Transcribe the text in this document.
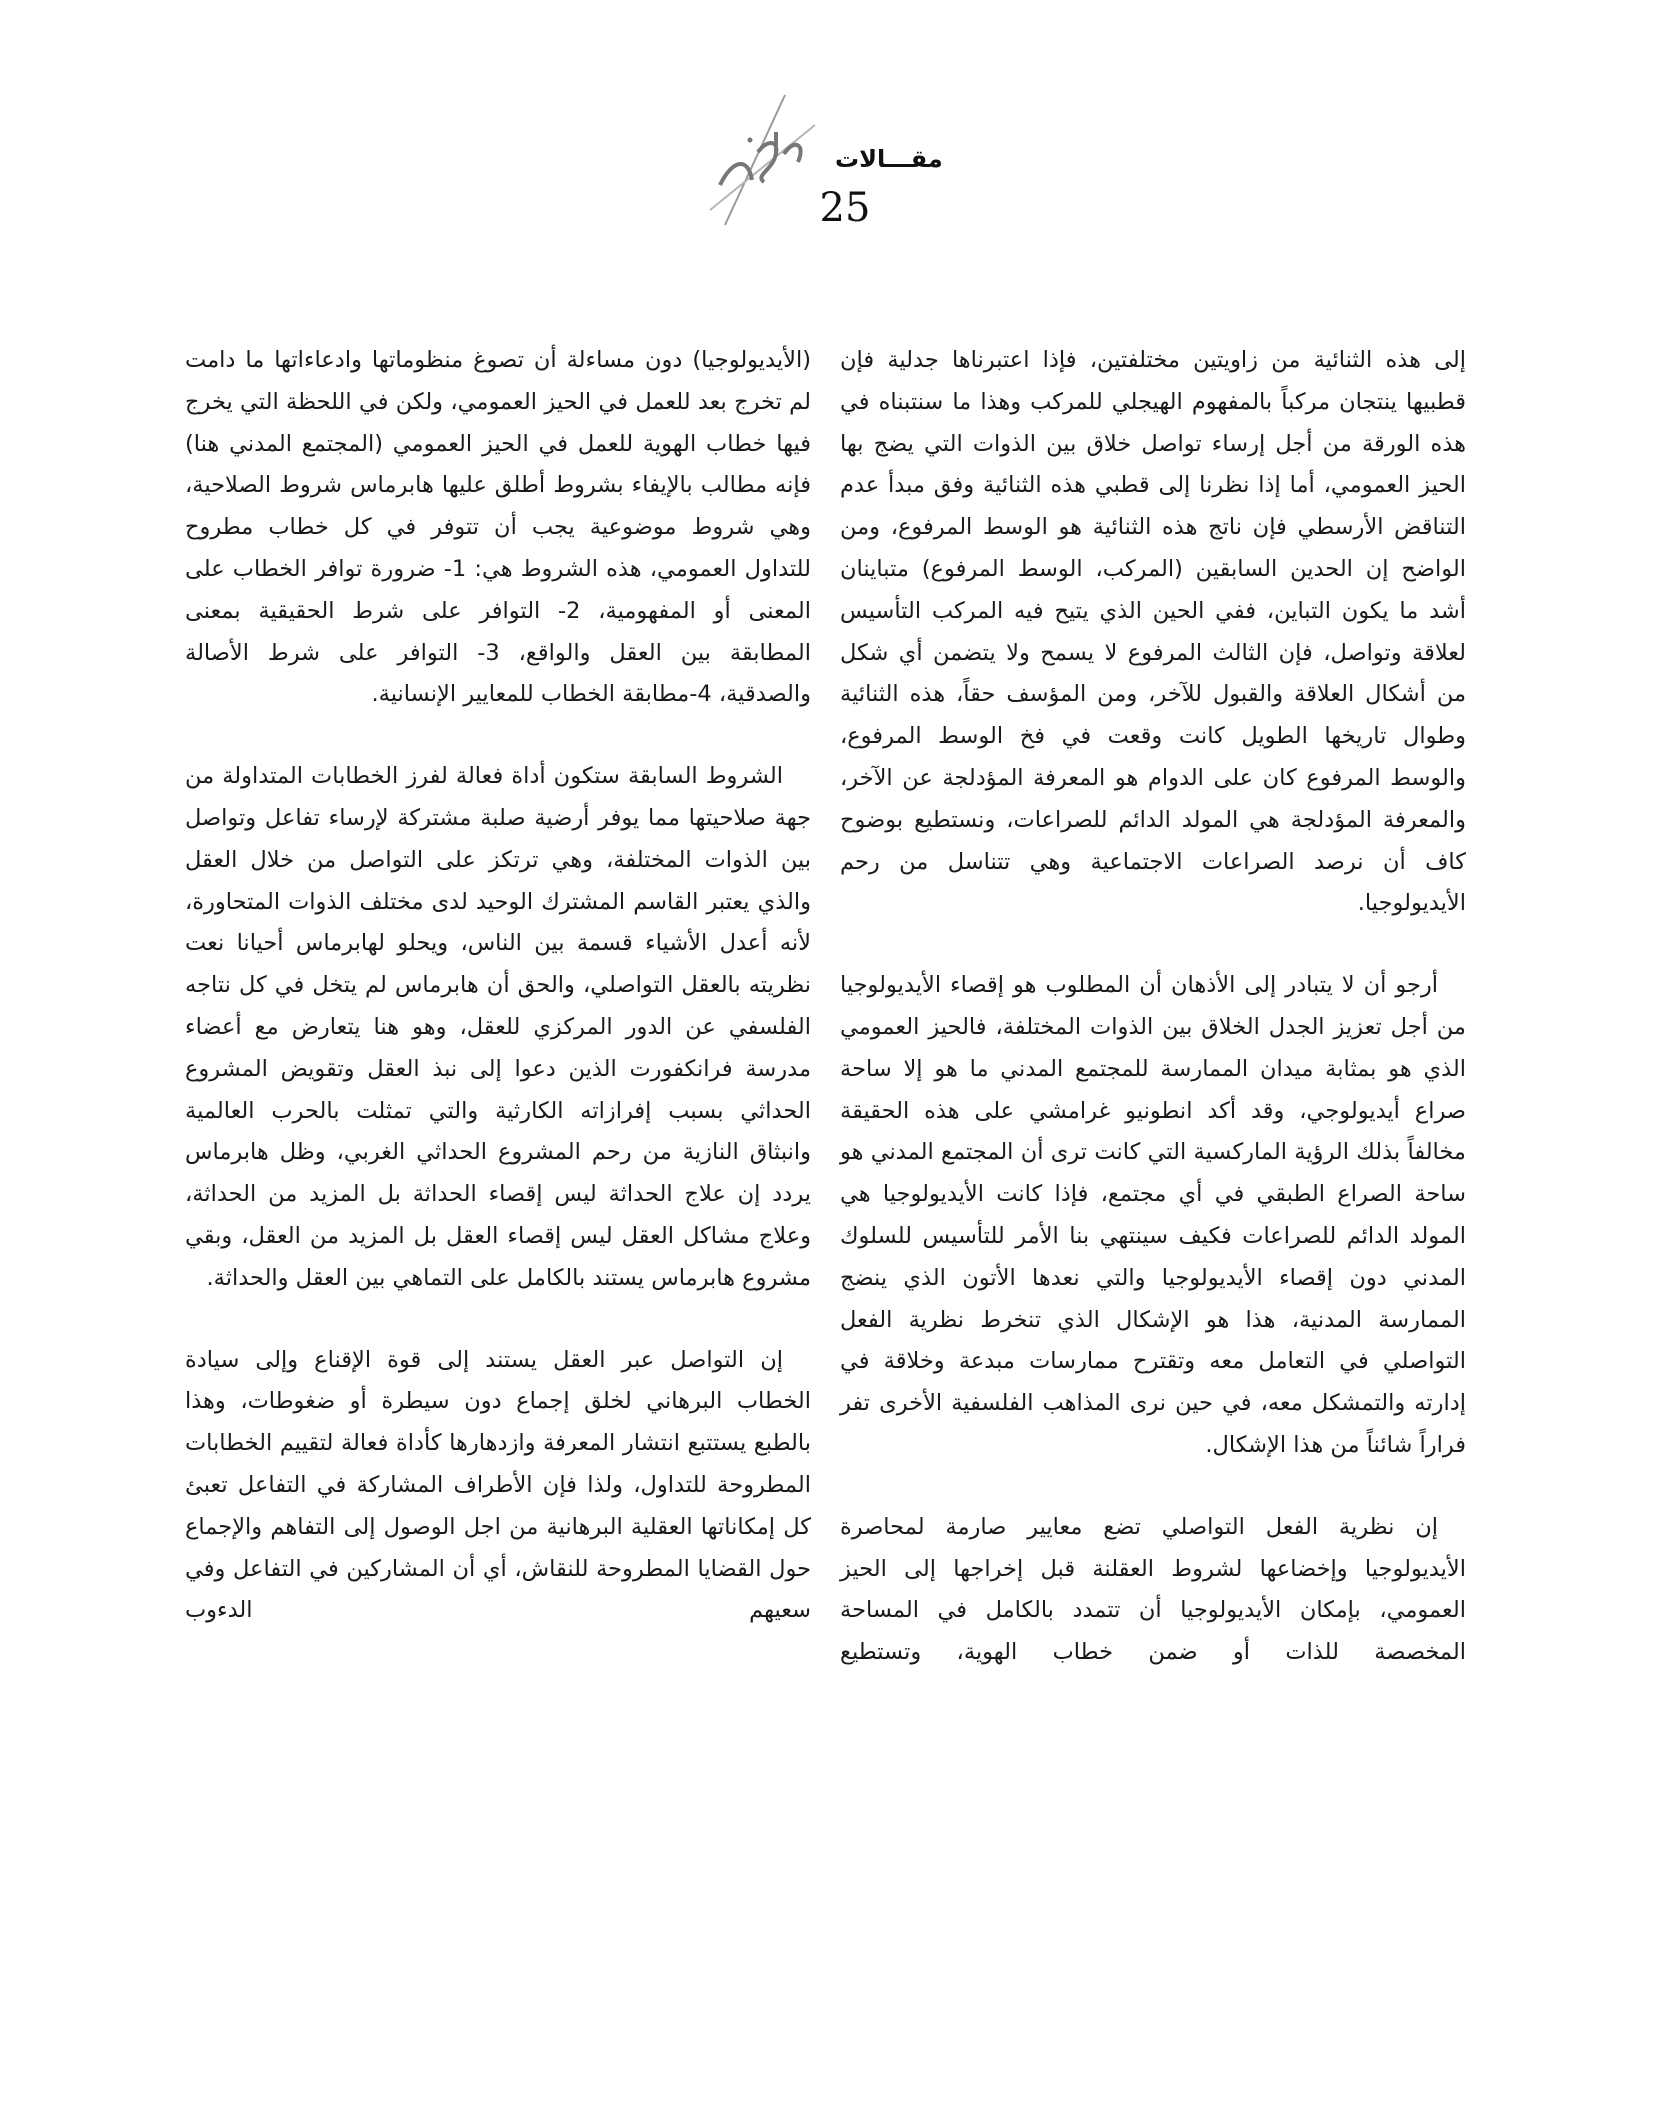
مقـــالات
25

إلى هذه الثنائية من زاويتين مختلفتين، فإذا اعتبرناها جدلية فإن قطبيها ينتجان مركباً بالمفهوم الهيجلي للمركب وهذا ما سنتبناه في هذه الورقة من أجل إرساء تواصل خلاق بين الذوات التي يضج بها الحيز العمومي، أما إذا نظرنا إلى قطبي هذه الثنائية وفق مبدأ عدم التناقض الأرسطي فإن ناتج هذه الثنائية هو الوسط المرفوع، ومن الواضح إن الحدين السابقين (المركب، الوسط المرفوع) متباينان أشد ما يكون التباين، ففي الحين الذي يتيح فيه المركب التأسيس لعلاقة وتواصل، فإن الثالث المرفوع لا يسمح ولا يتضمن أي شكل من أشكال العلاقة والقبول للآخر، ومن المؤسف حقاً، هذه الثنائية وطوال تاريخها الطويل كانت وقعت في فخ الوسط المرفوع، والوسط المرفوع كان على الدوام هو المعرفة المؤدلجة عن الآخر، والمعرفة المؤدلجة هي المولد الدائم للصراعات، ونستطيع بوضوح كاف أن نرصد الصراعات الاجتماعية وهي تتناسل من رحم الأيديولوجيا.

أرجو أن لا يتبادر إلى الأذهان أن المطلوب هو إقصاء الأيديولوجيا من أجل تعزيز الجدل الخلاق بين الذوات المختلفة، فالحيز العمومي الذي هو بمثابة ميدان الممارسة للمجتمع المدني ما هو إلا ساحة صراع أيديولوجي، وقد أكد انطونيو غرامشي على هذه الحقيقة مخالفاً بذلك الرؤية الماركسية التي كانت ترى أن المجتمع المدني هو ساحة الصراع الطبقي في أي مجتمع، فإذا كانت الأيديولوجيا هي المولد الدائم للصراعات فكيف سينتهي بنا الأمر للتأسيس للسلوك المدني دون إقصاء الأيديولوجيا والتي نعدها الأتون الذي ينضج الممارسة المدنية، هذا هو الإشكال الذي تنخرط نظرية الفعل التواصلي في التعامل معه وتقترح ممارسات مبدعة وخلاقة في إدارته والتمشكل معه، في حين نرى المذاهب الفلسفية الأخرى تفر فراراً شائناً من هذا الإشكال.

إن نظرية الفعل التواصلي تضع معايير صارمة لمحاصرة الأيديولوجيا وإخضاعها لشروط العقلنة قبل إخراجها إلى الحيز العمومي، بإمكان الأيديولوجيا أن تتمدد بالكامل في المساحة المخصصة للذات أو ضمن خطاب الهوية، وتستطيع

(الأيديولوجيا) دون مساءلة أن تصوغ منظوماتها وادعاءاتها ما دامت لم تخرج بعد للعمل في الحيز العمومي، ولكن في اللحظة التي يخرج فيها خطاب الهوية للعمل في الحيز العمومي (المجتمع المدني هنا) فإنه مطالب بالإيفاء بشروط أطلق عليها هابرماس شروط الصلاحية، وهي شروط موضوعية يجب أن تتوفر في كل خطاب مطروح للتداول العمومي، هذه الشروط هي: 1- ضرورة توافر الخطاب على المعنى أو المفهومية، 2- التوافر على شرط الحقيقية بمعنى المطابقة بين العقل والواقع، 3- التوافر على شرط الأصالة والصدقية، 4-مطابقة الخطاب للمعايير الإنسانية.

الشروط السابقة ستكون أداة فعالة لفرز الخطابات المتداولة من جهة صلاحيتها مما يوفر أرضية صلبة مشتركة لإرساء تفاعل وتواصل بين الذوات المختلفة، وهي ترتكز على التواصل من خلال العقل والذي يعتبر القاسم المشترك الوحيد لدى مختلف الذوات المتحاورة، لأنه أعدل الأشياء قسمة بين الناس، ويحلو لهابرماس أحيانا نعت نظريته بالعقل التواصلي، والحق أن هابرماس لم يتخل في كل نتاجه الفلسفي عن الدور المركزي للعقل، وهو هنا يتعارض مع أعضاء مدرسة فرانكفورت الذين دعوا إلى نبذ العقل وتقويض المشروع الحداثي بسبب إفرازاته الكارثية والتي تمثلت بالحرب العالمية وانبثاق النازية من رحم المشروع الحداثي الغربي، وظل هابرماس يردد إن علاج الحداثة ليس إقصاء الحداثة بل المزيد من الحداثة، وعلاج مشاكل العقل ليس إقصاء العقل بل المزيد من العقل، وبقي مشروع هابرماس يستند بالكامل على التماهي بين العقل والحداثة.

إن التواصل عبر العقل يستند إلى قوة الإقناع وإلى سيادة الخطاب البرهاني لخلق إجماع دون سيطرة أو ضغوطات، وهذا بالطبع يستتبع انتشار المعرفة وازدهارها كأداة فعالة لتقييم الخطابات المطروحة للتداول، ولذا فإن الأطراف المشاركة في التفاعل تعبئ كل إمكاناتها العقلية البرهانية من اجل الوصول إلى التفاهم والإجماع حول القضايا المطروحة للنقاش، أي أن المشاركين في التفاعل وفي سعيهم الدءوب
